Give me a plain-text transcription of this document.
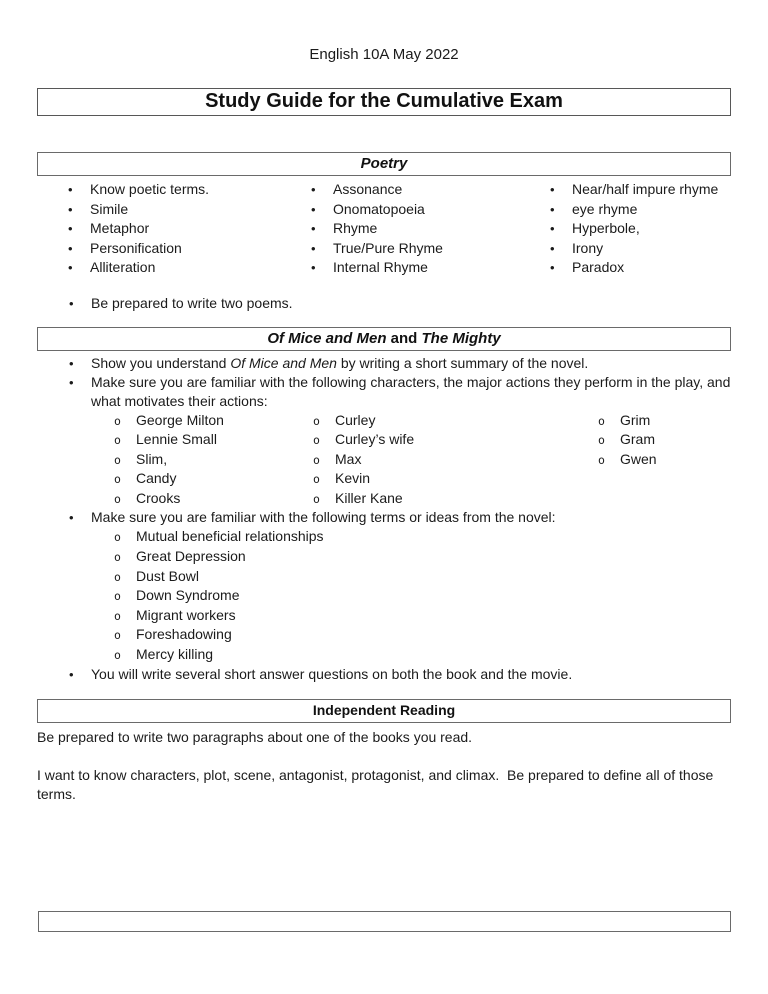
English 10A May 2022
Study Guide for the Cumulative Exam
Poetry
• Know poetic terms.
• Simile
• Metaphor
• Personification
• Alliteration
• Assonance
• Onomatopoeia
• Rhyme
• True/Pure Rhyme
• Internal Rhyme
• Near/half impure rhyme
• eye rhyme
• Hyperbole,
• Irony
• Paradox
• Be prepared to write two poems.
Of Mice and Men and The Mighty
• Show you understand Of Mice and Men by writing a short summary of the novel.
• Make sure you are familiar with the following characters, the major actions they perform in the play, and what motivates their actions:
o George Milton
o Lennie Small
o Slim,
o Candy
o Crooks
o Curley
o Curley’s wife
o Max
o Kevin
o Killer Kane
o Grim
o Gram
o Gwen
• Make sure you are familiar with the following terms or ideas from the novel:
o Mutual beneficial relationships
o Great Depression
o Dust Bowl
o Down Syndrome
o Migrant workers
o Foreshadowing
o Mercy killing
• You will write several short answer questions on both the book and the movie.
Independent Reading

Be prepared to write two paragraphs about one of the books you read.

I want to know characters, plot, scene, antagonist, protagonist, and climax.  Be prepared to define all of those terms.
